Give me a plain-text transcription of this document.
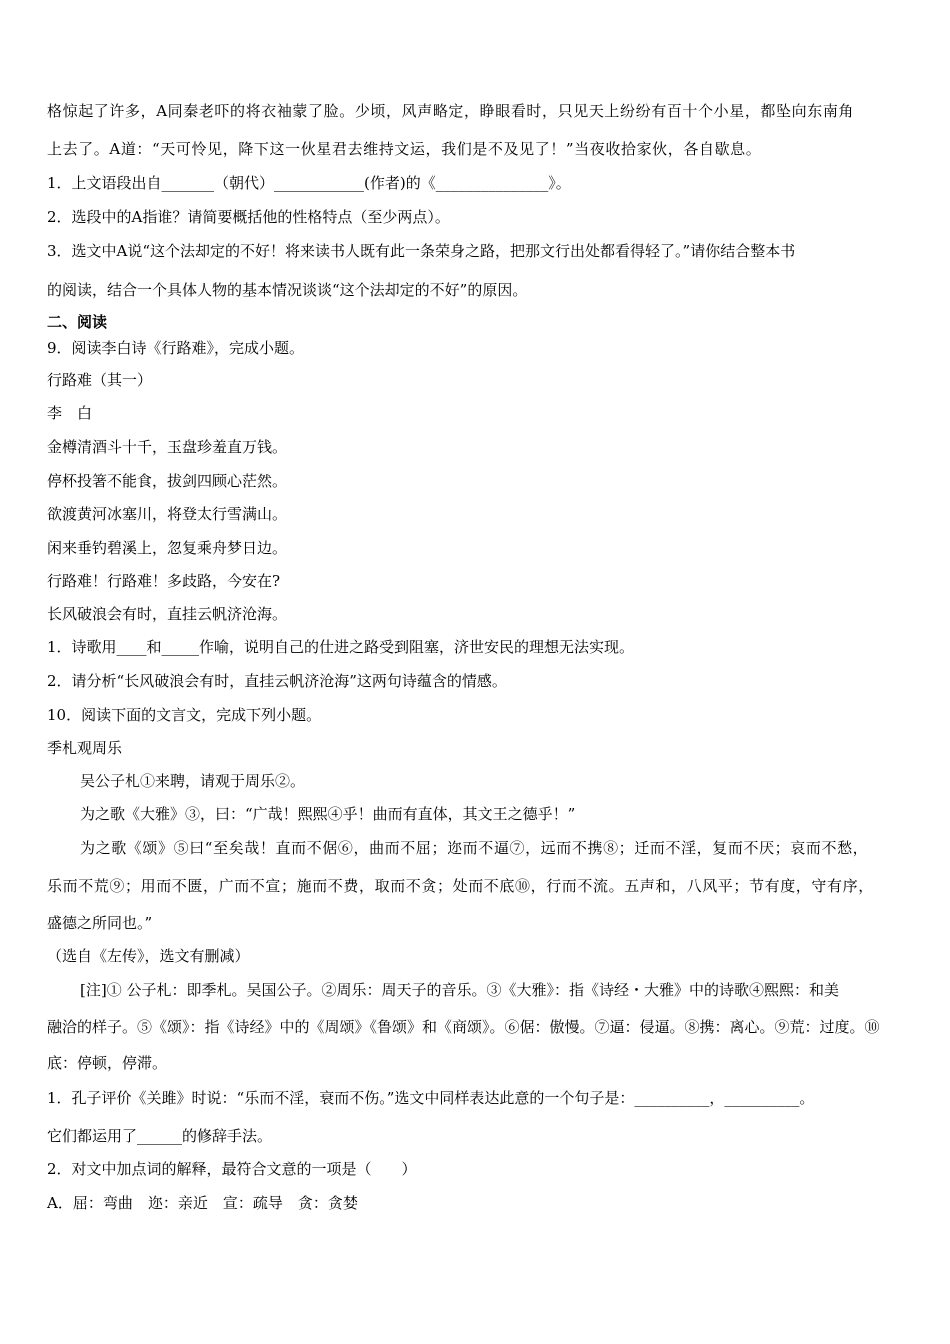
格惊起了许多，A同秦老吓的将衣袖蒙了脸。少顷，风声略定，睁眼看时，只见天上纷纷有百十个小星，都坠向东南角
上去了。A道：“天可怜见，降下这一伙星君去维持文运，我们是不及见了！”当夜收拾家伙，各自歇息。
1．上文语段出自_______（朝代）____________(作者)的《_______________》。
2．选段中的A指谁？请简要概括他的性格特点（至少两点）。
3．选文中A说“这个法却定的不好！将来读书人既有此一条荣身之路，把那文行出处都看得轻了。”请你结合整本书
的阅读，结合一个具体人物的基本情况谈谈“这个法却定的不好”的原因。
二、阅读
9．阅读李白诗《行路难》，完成小题。
行路难（其一）
李　白
金樽清酒斗十千，玉盘珍羞直万钱。
停杯投箸不能食，拔剑四顾心茫然。
欲渡黄河冰塞川，将登太行雪满山。
闲来垂钓碧溪上，忽复乘舟梦日边。
行路难！行路难！多歧路，今安在?
长风破浪会有时，直挂云帆济沧海。
1．诗歌用____和_____作喻，说明自己的仕进之路受到阻塞，济世安民的理想无法实现。
2．请分析“长风破浪会有时，直挂云帆济沧海”这两句诗蕴含的情感。
10．阅读下面的文言文，完成下列小题。
季札观周乐
吴公子札①来聘，请观于周乐②。
为之歌《大雅》③，曰：“广哉！熙熙④乎！曲而有直体，其文王之德乎！”
为之歌《颂》⑤曰“至矣哉！直而不倨⑥，曲而不屈；迩而不逼⑦，远而不携⑧；迁而不淫，复而不厌；哀而不愁，
乐而不荒⑨；用而不匮，广而不宣；施而不费，取而不贪；处而不底⑩，行而不流。五声和，八风平；节有度，守有序，
盛德之所同也。”
（选自《左传》，选文有删减）
[注]① 公子札：即季札。吴国公子。②周乐：周天子的音乐。③《大雅》：指《诗经・大雅》中的诗歌④熙熙：和美
融洽的样子。⑤《颂》：指《诗经》中的《周颂》《鲁颂》和《商颂》。⑥倨：傲慢。⑦逼：侵逼。⑧携：离心。⑨荒：过度。⑩
底：停顿，停滞。
1．孔子评价《关雎》时说：“乐而不淫，衰而不伤。”选文中同样表达此意的一个句子是：__________，__________。
它们都运用了______的修辞手法。
2．对文中加点词的解释，最符合文意的一项是（　　）
A．屈：弯曲　迩：亲近　宣：疏导　贪：贪婪
